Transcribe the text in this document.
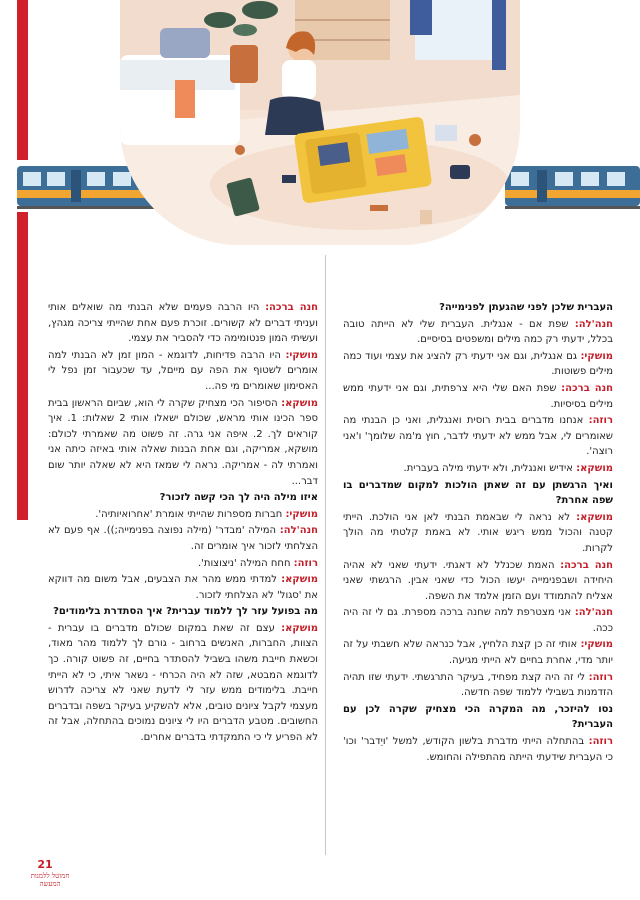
העברית שלכן לפני שהגעתן לפנימייה?

חנה'לה: שפת אם - אנגלית. העברית שלי לא הייתה טובה בכלל, ידעתי רק כמה מילים ומשפטים בסיסיים.

מושקי: גם אנגלית, וגם אני ידעתי רק להציג את עצמי ועוד כמה מילים פשוטות.

חנה ברכה: שפת האם שלי היא צרפתית, וגם אני ידעתי ממש מילים בסיסיות.

רוזה: אנחנו מדברים בבית רוסית ואנגלית, ואני כן הבנתי מה שאומרים לי, אבל ממש לא ידעתי לדבר, חוץ מ'מה שלומך' ו'אני רוצה'.

מושקא: אידיש ואנגלית, ולא ידעתי מילה בעברית.

ואיך הרגשתן עם זה שאתן הולכות למקום שמדברים בו שפה אחרת?

מושקא: לא נראה לי שבאמת הבנתי לאן אני הולכת. הייתי קטנה והכול ממש ריגש אותי. לא באמת קלטתי מה הולך לקרות.

חנה ברכה: האמת שכנלל לא דאגתי. ידעתי שאני לא אהיה היחידה ושבפנימייה יעשו הכול כדי שאני אבין. הרגשתי שאני אצליח להתמודד ועם הזמן אלמד את השפה.

חנה'לה: אני מצטרפת למה שחנה ברכה מספרת. גם לי זה היה ככה.

מושקי: אותי זה כן קצת הלחיץ, אבל כנראה שלא חשבתי על זה יותר מדי, אחרת בחיים לא הייתי מגיעה.

רוזה: לי זה היה קצת מפחיד, בעיקר התרגשתי. ידעתי שזו תהיה הזדמנות בשבילי ללמוד שפה חדשה.

נסו להיזכר, מה המקרה הכי מצחיק שקרה לכן עם העברית?

רוזה: בהתחלה הייתי מדברת בלשון הקודש, למשל 'ויֵדבר' וכו' כי העברית שידעתי הייתה מהתפילה והחומש.

חנה ברכה: היו הרבה פעמים שלא הבנתי מה שואלים אותי ועניתי דברים לא קשורים. זוכרת פעם אחת שהייתי צריכה מגהץ, ועשיתי המון פנטומימה כדי להסביר את עצמי.

מושקי: היו הרבה פדיחות, לדוגמא - המון זמן לא הבנתי למה אומרים לשטוף את הפה עם מייםל, עד שכעבור זמן נפל לי האסימון שאומרים מי פה...

מושקא: הסיפור הכי מצחיק שקרה לי הוא, שביום הראשון בבית ספר הכינו אותי מראש, שכולם ישאלו אותי 2 שאלות: 1. איך קוראים לך. 2. איפה אני גרה. זה פשוט מה שאמרתי לכולם: מושקא, אמריקה, וגם אחת הבנות שאלה אותי באיזה כיתה אני ואמרתי לה - אמריקה. נראה לי שמאז היא לא שאלה יותר שום דבר...

איזו מילה היה לך הכי קשה לזכור?

מושקי: חברות מספרות שהייתי אומרת 'אחרואיותיה'.

חנה'לה: המילה 'מבדר' (מילה נפוצה בפנימייה;)). אף פעם לא הצלחתי לזכור איך אומרים זה.

רוזה: חחח המילה 'ניצוצות'.

מושקא: למדתי ממש מהר את הצבעים, אבל משום מה דווקא את 'סגול' לא הצלחתי לזכור.

מה בפועל עזר לך ללמוד עברית? איך הסתדרת בלימודים?

מושקא: עצם זה שאת במקום שכולם מדברים בו עברית - הצוות, החברות, האנשים ברחוב - גורם לך ללמוד מהר מאוד, וכשאת חייבת משהו בשביל להסתדר בחיים, זה פשוט קורה. כך לדוגמא המבטא, שזה לא היה הכרחי - נשאר איתי, כי לא הייתי חייבת. בלימודים ממש עזר לי לדעת שאני לא צריכה לדרוש מעצמי לקבל ציונים טובים, אלא להשקיע בעיקר בשפה ובדברים החשובים. מטבע הדברים היו לי ציונים נמוכים בהתחלה, אבל זה לא הפריע לי כי התמקדתי בדברים אחרים.

21
חמוטל ללמנות המעשה
